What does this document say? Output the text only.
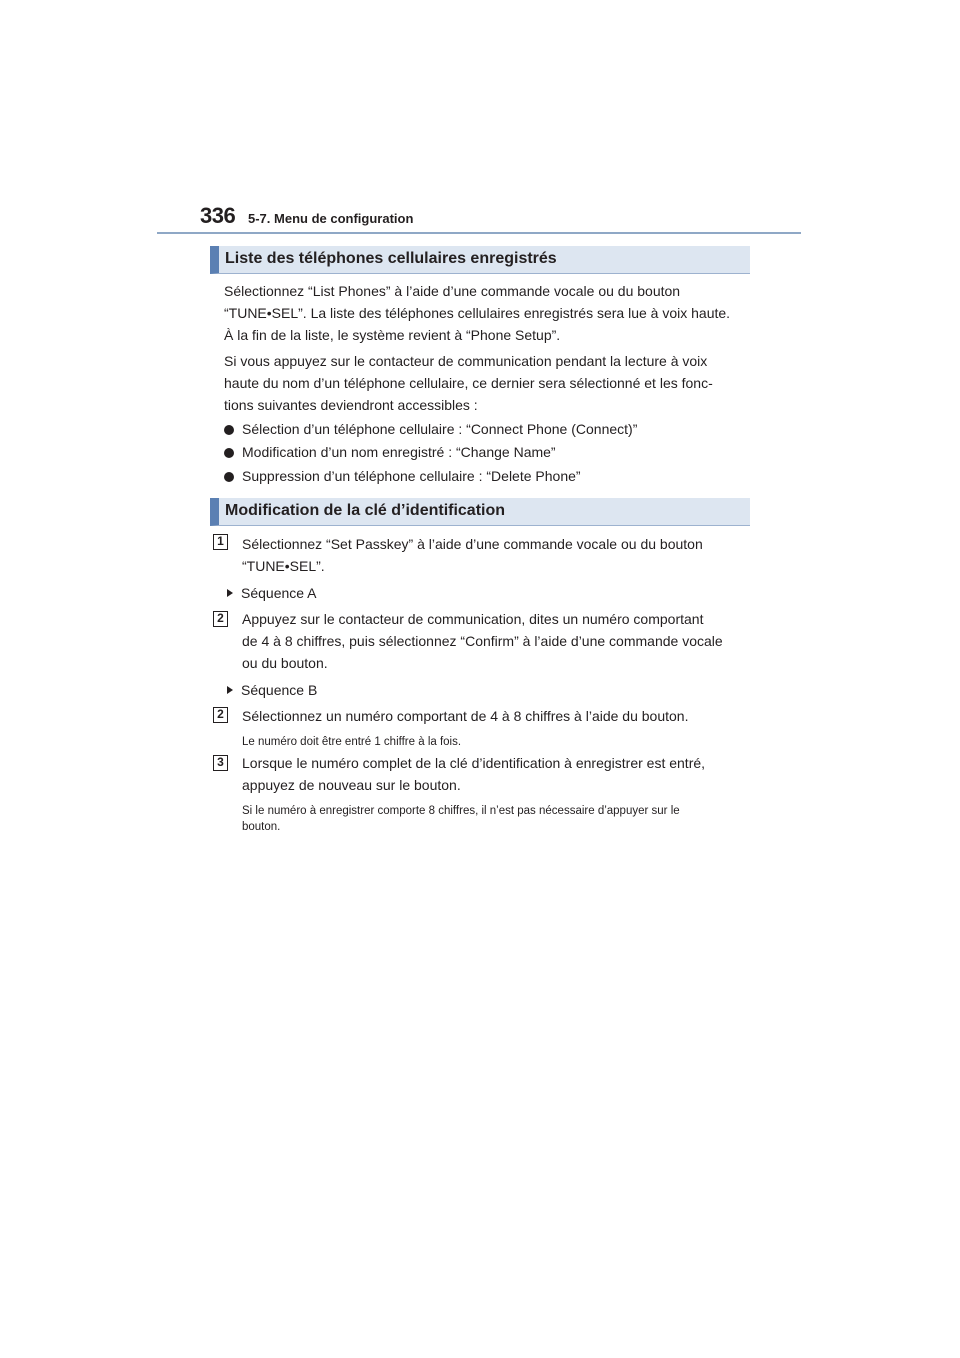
336 5-7. Menu de configuration
Liste des téléphones cellulaires enregistrés
Sélectionnez “List Phones” à l’aide d’une commande vocale ou du bouton
“TUNE•SEL”. La liste des téléphones cellulaires enregistrés sera lue à voix haute.
À la fin de la liste, le système revient à “Phone Setup”.
Si vous appuyez sur le contacteur de communication pendant la lecture à voix
haute du nom d’un téléphone cellulaire, ce dernier sera sélectionné et les fonc-
tions suivantes deviendront accessibles :
Sélection d’un téléphone cellulaire : “Connect Phone (Connect)”
Modification d’un nom enregistré : “Change Name”
Suppression d’un téléphone cellulaire : “Delete Phone”
Modification de la clé d’identification
1 Sélectionnez “Set Passkey” à l’aide d’une commande vocale ou du bouton
“TUNE•SEL”.
Séquence A
2 Appuyez sur le contacteur de communication, dites un numéro comportant
de 4 à 8 chiffres, puis sélectionnez “Confirm” à l’aide d’une commande vocale
ou du bouton.
Séquence B
2 Sélectionnez un numéro comportant de 4 à 8 chiffres à l’aide du bouton.
Le numéro doit être entré 1 chiffre à la fois.
3 Lorsque le numéro complet de la clé d’identification à enregistrer est entré,
appuyez de nouveau sur le bouton.
Si le numéro à enregistrer comporte 8 chiffres, il n’est pas nécessaire d’appuyer sur le
bouton.
